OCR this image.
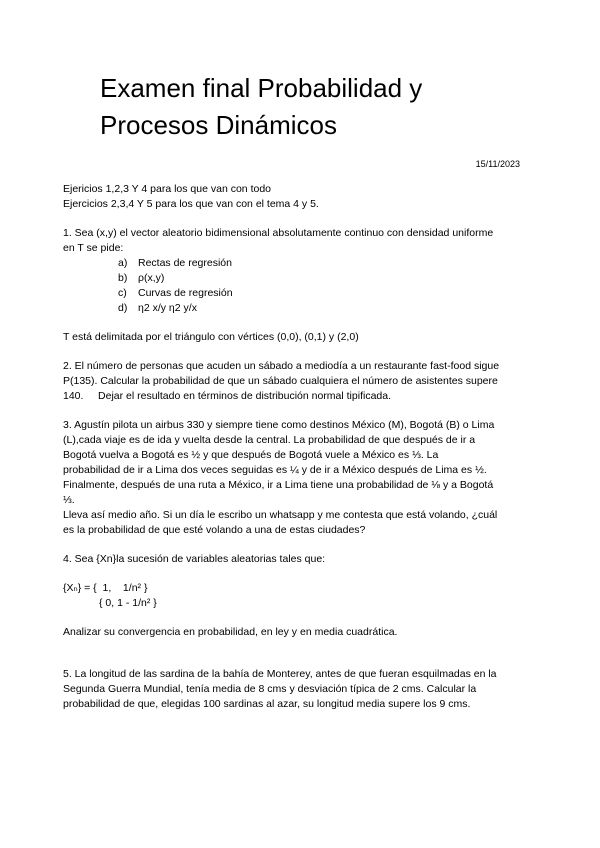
Examen final Probabilidad y
Procesos Dinámicos
15/11/2023

Ejericios 1,2,3 Y 4 para los que van con todo

Ejercicios 2,3,4 Y 5 para los que van con el tema 4 y 5.

1. Sea (x,y) el vector aleatorio bidimensional absolutamente continuo con densidad uniforme

en T se pide:

a)	Rectas de regresión
b)	ρ(x,y)
c)	Curvas de regresión
d)	η2 x/y η2 y/x

T está delimitada por el triángulo con vértices (0,0), (0,1) y (2,0)

2. El número de personas que acuden un sábado a mediodía a un restaurante fast-food sigue

P(135). Calcular la probabilidad de que un sábado cualquiera el número de asistentes supere

140.     Dejar el resultado en términos de distribución normal tipificada.

3. Agustín pilota un airbus 330 y siempre tiene como destinos México (M), Bogotá (B) o Lima

(L),cada viaje es de ida y vuelta desde la central. La probabilidad de que después de ir a

Bogotá vuelva a Bogotá es ½ y que después de Bogotá vuele a México es ⅓. La

probabilidad de ir a Lima dos veces seguidas es ¼ y de ir a México después de Lima es ½.

Finalmente, después de una ruta a México, ir a Lima tiene una probabilidad de ⅛ y a Bogotá

⅓.

Lleva así medio año. Si un día le escribo un whatsapp y me contesta que está volando, ¿cuál

es la probabilidad de que esté volando a una de estas ciudades?

4. Sea {Xn}la sucesión de variables aleatorias tales que:

{Xₙ} = {  1,    1/n² }

{ 0, 1 - 1/n² }

Analizar su convergencia en probabilidad, en ley y en media cuadrática.

5. La longitud de las sardina de la bahía de Monterey, antes de que fueran esquilmadas en la

Segunda Guerra Mundial, tenía media de 8 cms y desviación típica de 2 cms. Calcular la

probabilidad de que, elegidas 100 sardinas al azar, su longitud media supere los 9 cms.
